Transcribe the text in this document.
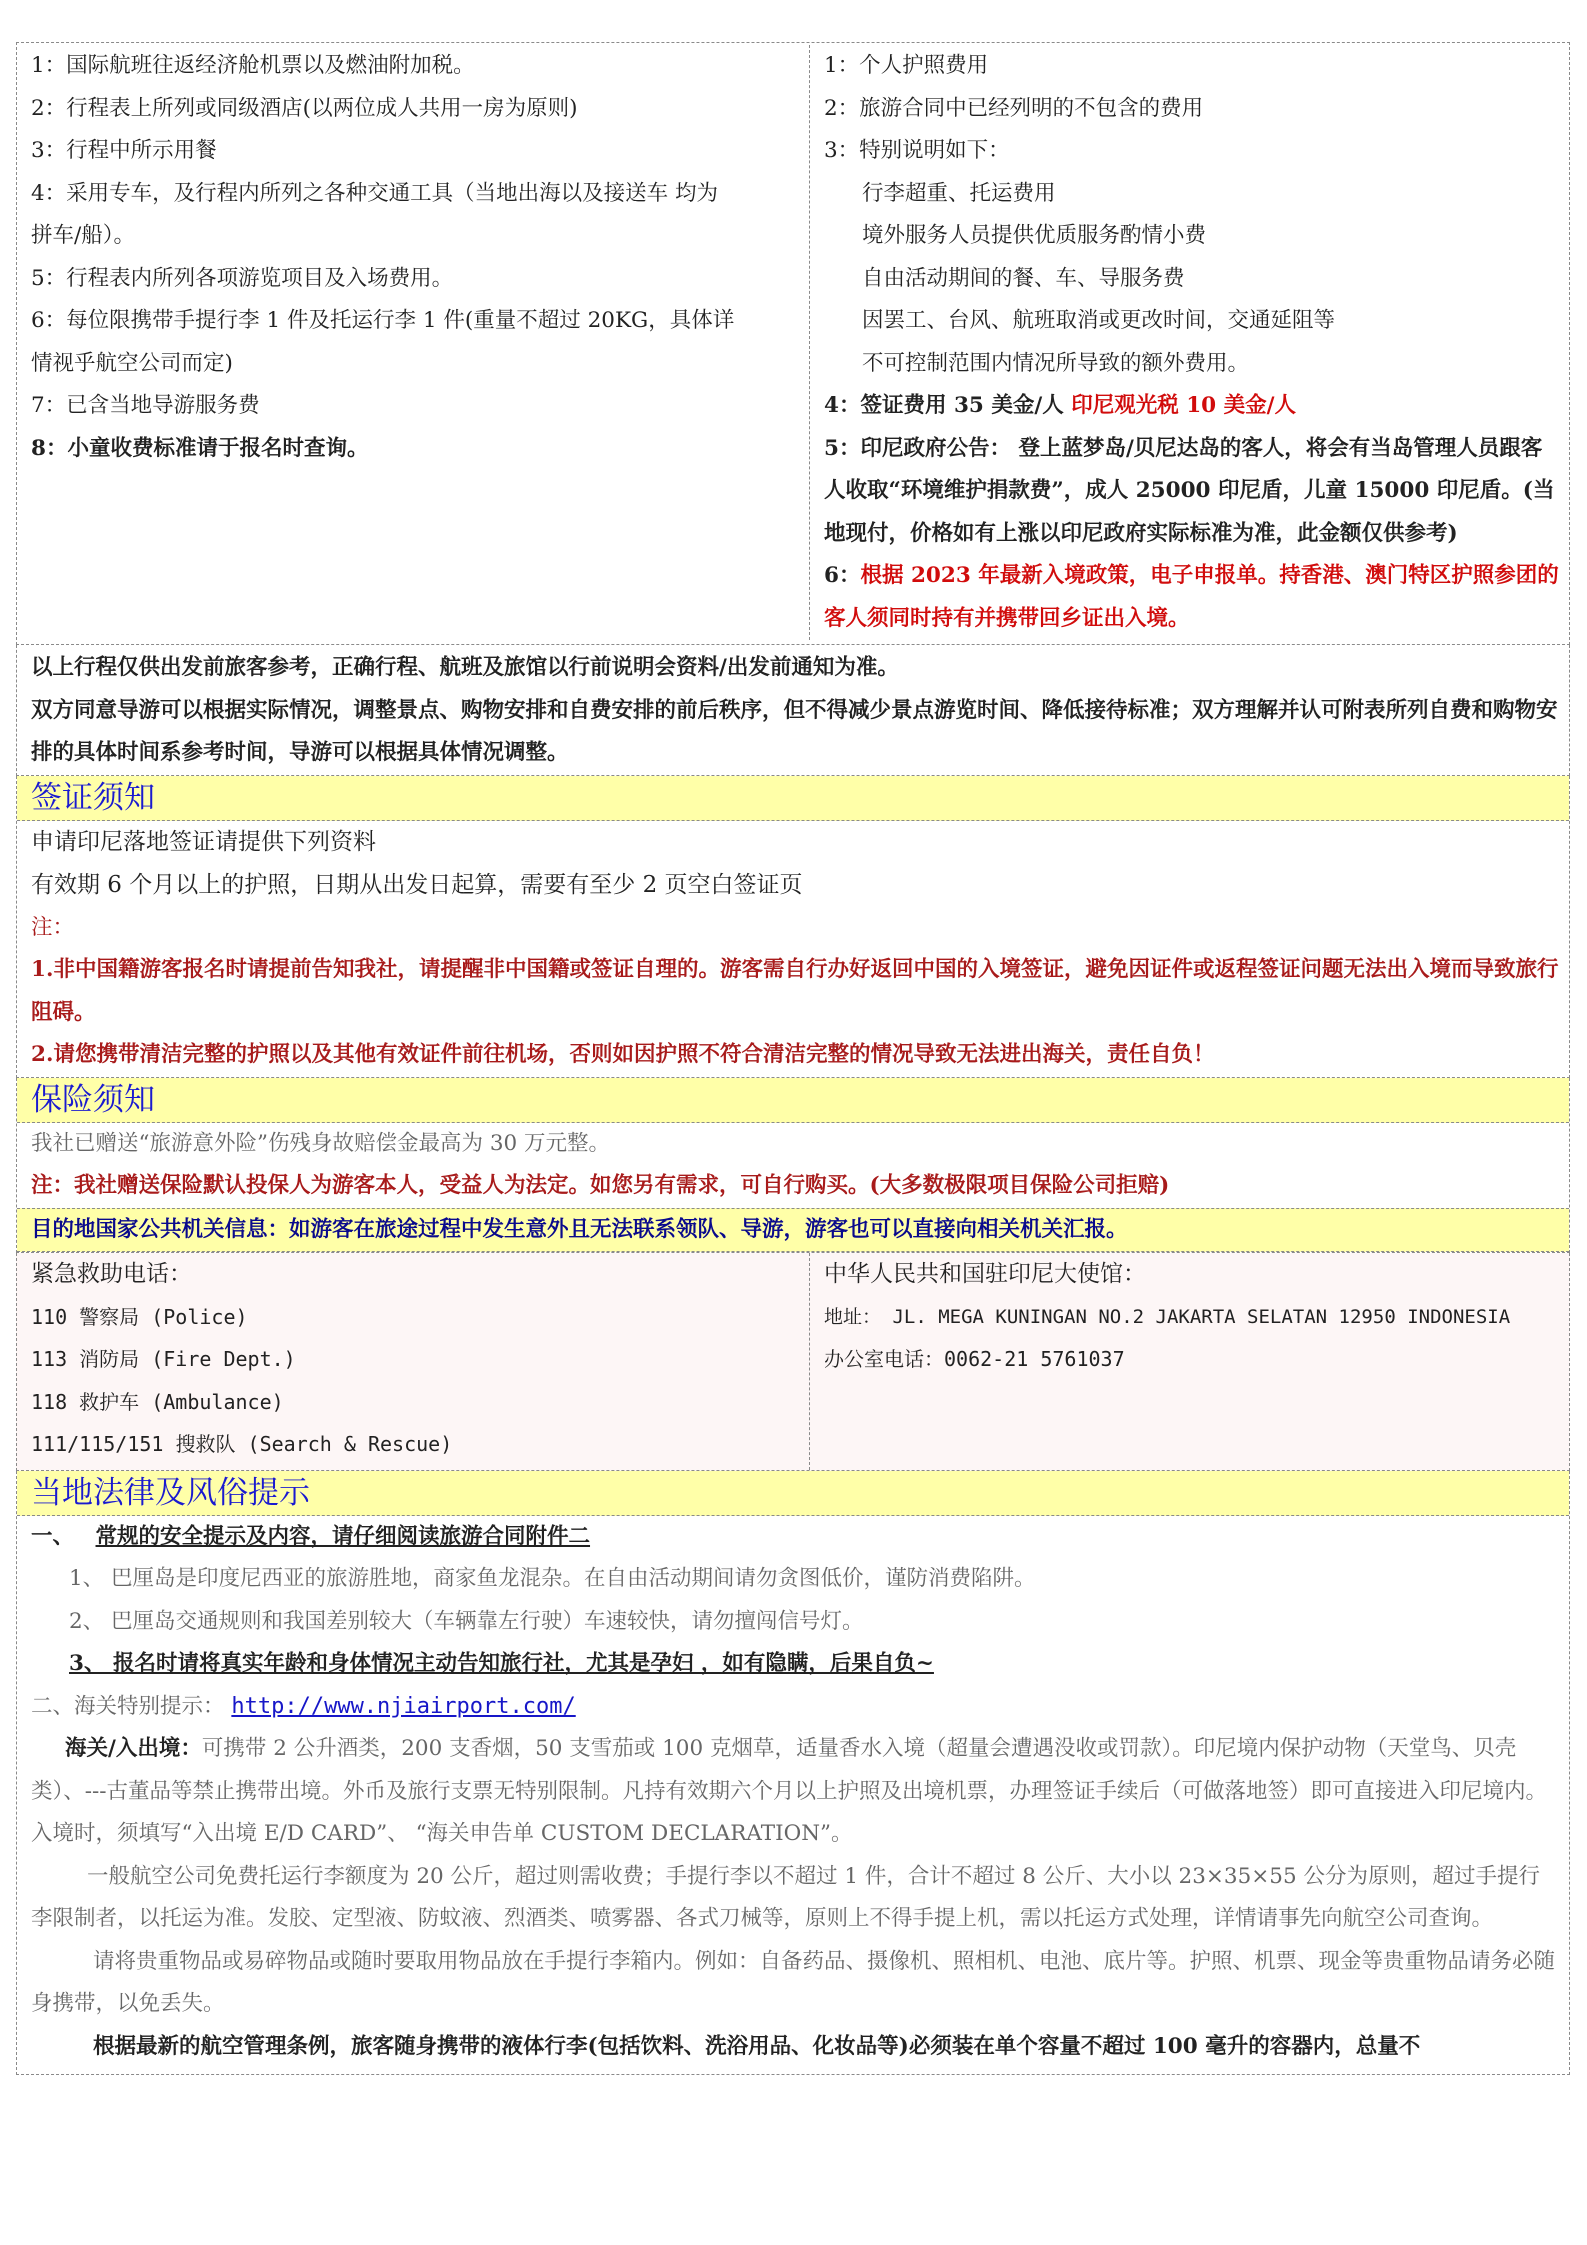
1：国际航班往返经济舱机票以及燃油附加税。
2：行程表上所列或同级酒店(以两位成人共用一房为原则)
3：行程中所示用餐
4：采用专车，及行程内所列之各种交通工具（当地出海以及接送车 均为
拼车/船）。
5：行程表内所列各项游览项目及入场费用。
6：每位限携带手提行李 1 件及托运行李 1 件(重量不超过 20KG，具体详
情视乎航空公司而定)
7：已含当地导游服务费
8：小童收费标准请于报名时查询。
1：个人护照费用
2：旅游合同中已经列明的不包含的费用
3：特别说明如下：
行李超重、托运费用
境外服务人员提供优质服务酌情小费
自由活动期间的餐、车、导服务费
因罢工、台风、航班取消或更改时间，交通延阻等
不可控制范围内情况所导致的额外费用。
4：签证费用 35 美金/人 印尼观光税 10 美金/人
5：印尼政府公告： 登上蓝梦岛/贝尼达岛的客人，将会有当岛管理人员跟客人收取“环境维护捐款费”，成人 25000 印尼盾，儿童 15000 印尼盾。(当地现付，价格如有上涨以印尼政府实际标准为准，此金额仅供参考)
6：根据 2023 年最新入境政策，电子申报单。持香港、澳门特区护照参团的客人须同时持有并携带回乡证出入境。
以上行程仅供出发前旅客参考，正确行程、航班及旅馆以行前说明会资料/出发前通知为准。
双方同意导游可以根据实际情况，调整景点、购物安排和自费安排的前后秩序，但不得减少景点游览时间、降低接待标准；双方理解并认可附表所列自费和购物安排的具体时间系参考时间，导游可以根据具体情况调整。
签证须知
申请印尼落地签证请提供下列资料
有效期 6 个月以上的护照，日期从出发日起算，需要有至少 2 页空白签证页
注：
1.非中国籍游客报名时请提前告知我社，请提醒非中国籍或签证自理的。游客需自行办好返回中国的入境签证，避免因证件或返程签证问题无法出入境而导致旅行阻碍。
2.请您携带清洁完整的护照以及其他有效证件前往机场，否则如因护照不符合清洁完整的情况导致无法进出海关，责任自负！
保险须知
我社已赠送“旅游意外险”伤残身故赔偿金最高为 30 万元整。
注：我社赠送保险默认投保人为游客本人，受益人为法定。如您另有需求，可自行购买。(大多数极限项目保险公司拒赔)
目的地国家公共机关信息：如游客在旅途过程中发生意外且无法联系领队、导游，游客也可以直接向相关机关汇报。
紧急救助电话：
110 警察局 (Police)
113 消防局 (Fire Dept.)
118 救护车 (Ambulance)
111/115/151 搜救队 (Search & Rescue)
中华人民共和国驻印尼大使馆：
地址： JL. MEGA KUNINGAN NO.2 JAKARTA SELATAN 12950 INDONESIA
办公室电话：0062-21 5761037
当地法律及风俗提示
一、 常规的安全提示及内容，请仔细阅读旅游合同附件二
1、 巴厘岛是印度尼西亚的旅游胜地，商家鱼龙混杂。在自由活动期间请勿贪图低价，谨防消费陷阱。
2、 巴厘岛交通规则和我国差别较大（车辆靠左行驶）车速较快，请勿擅闯信号灯。
3、 报名时请将真实年龄和身体情况主动告知旅行社，尤其是孕妇 ，如有隐瞒，后果自负~
二、海关特别提示： http://www.njiairport.com/
海关/入出境：可携带 2 公升酒类，200 支香烟，50 支雪茄或 100 克烟草，适量香水入境（超量会遭遇没收或罚款）。印尼境内保护动物（天堂鸟、贝壳类）、---古董品等禁止携带出境。外币及旅行支票无特别限制。凡持有效期六个月以上护照及出境机票，办理签证手续后（可做落地签）即可直接进入印尼境内。入境时，须填写“入出境 E/D CARD”、 “海关申告单 CUSTOM DECLARATION”。
一般航空公司免费托运行李额度为 20 公斤，超过则需收费；手提行李以不超过 1 件，合计不超过 8 公斤、大小以 23×35×55 公分为原则，超过手提行李限制者，以托运为准。发胶、定型液、防蚊液、烈酒类、喷雾器、各式刀械等，原则上不得手提上机，需以托运方式处理，详情请事先向航空公司查询。
请将贵重物品或易碎物品或随时要取用物品放在手提行李箱内。例如：自备药品、摄像机、照相机、电池、底片等。护照、机票、现金等贵重物品请务必随身携带，以免丢失。
根据最新的航空管理条例，旅客随身携带的液体行李(包括饮料、洗浴用品、化妆品等)必须装在单个容量不超过 100 毫升的容器内，总量不
